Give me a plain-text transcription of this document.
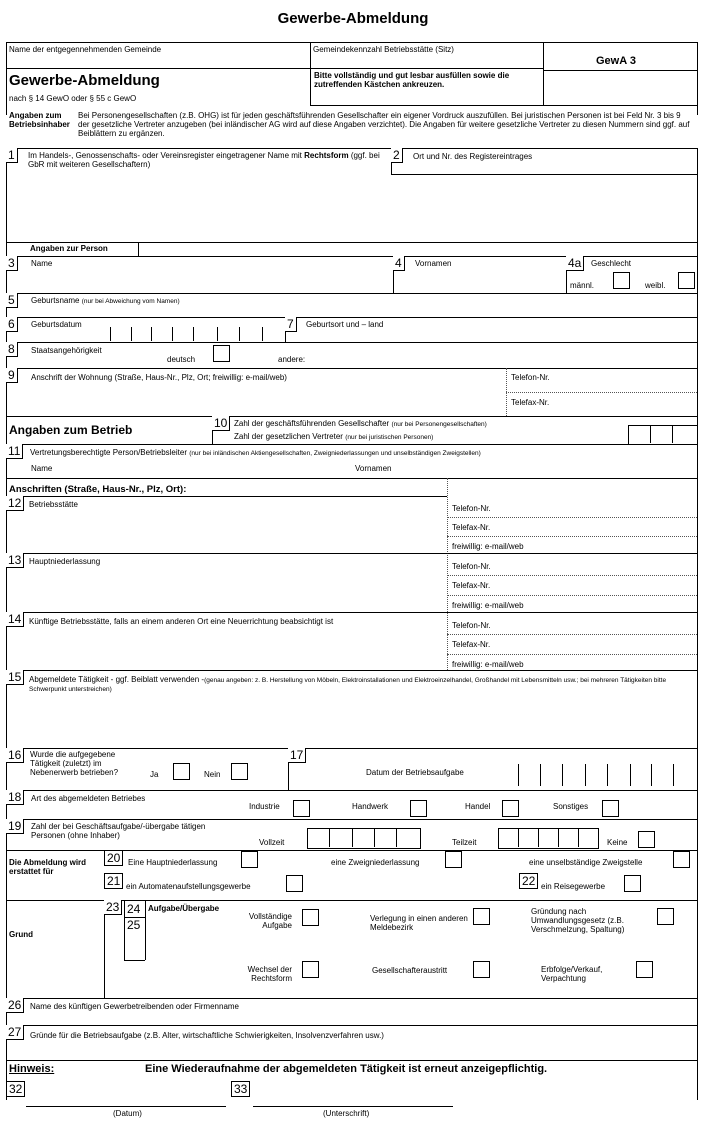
Gewerbe-Abmeldung
Name der entgegennehmenden Gemeinde	Gemeindekennzahl Betriebsstätte (Sitz)
GewA 3
Gewerbe-Abmeldung
nach § 14 GewO oder § 55 c GewO
Bitte vollständig und gut lesbar ausfüllen sowie die zutreffenden Kästchen ankreuzen.
Angaben zum Betriebsinhaber
Bei Personengesellschaften (z.B. OHG) ist für jeden geschäftsführenden Gesellschafter ein eigener Vordruck auszufüllen. Bei juristischen Personen ist bei Feld Nr. 3 bis 9 der gesetzliche Vertreter anzugeben (bei inländischer AG wird auf diese Angaben verzichtet). Die Angaben für weitere gesetzliche Vertreter zu diesen Nummern sind ggf. auf Beiblättern zu ergänzen.
1	Im Handels-, Genossenschafts- oder Vereinsregister eingetragener Name mit Rechtsform (ggf. bei GbR mit weiteren Gesellschaftern)
2	Ort und Nr. des Registereintrages
Angaben zur Person
3	Name	4	Vornamen	4a	Geschlecht
männl.	weibl.
5	Geburtsname (nur bei Abweichung vom Namen)
6	Geburtsdatum	7	Geburtsort und – land
8	Staatsangehörigkeit
deutsch	andere:
9	Anschrift der Wohnung (Straße, Haus-Nr., Plz, Ort; freiwillig: e-mail/web)	Telefon-Nr.
Telefax-Nr.
Angaben zum Betrieb	10 Zahl der geschäftsführenden Gesellschafter (nur bei Personengesellschaften)
Zahl der gesetzlichen Vertreter (nur bei juristischen Personen)
11	Vertretungsberechtigte Person/Betriebsleiter (nur bei inländischen Aktiengesellschaften, Zweigniederlassungen und unselbständigen Zweigstellen)
Name	Vornamen
Anschriften (Straße, Haus-Nr., Plz, Ort):
12 Betriebsstätte	Telefon-Nr.
Telefax-Nr.
freiwillig: e-mail/web
13 Hauptniederlassung
Telefon-Nr.
Telefax-Nr.
freiwillig: e-mail/web
14 Künftige Betriebsstätte, falls an einem anderen Ort eine Neuerrichtung beabsichtigt ist	Telefon-Nr.
Telefax-Nr.
freiwillig: e-mail/web
15 Abgemeldete Tätigkeit - ggf. Beiblatt verwenden -(genau angeben: z. B. Herstellung von Möbeln, Elektroinstallationen und Elektroeinzelhandel, Großhandel mit Lebensmitteln usw.; bei mehreren Tätigkeiten bitte Schwerpunkt unterstreichen)
16	Wurde die aufgegebene Tätigkeit (zuletzt) im Nebenerwerb betrieben?	Ja	Nein
17
Datum der Betriebsaufgabe
18	Art des abgemeldeten Betriebes
Industrie	Handwerk	Handel	Sonstiges
19	Zahl der bei Geschäftsaufgabe/-übergabe tätigen Personen (ohne Inhaber)
Vollzeit	Teilzeit	Keine
Die Abmeldung wird erstattet für
20 Eine Hauptniederlassung	eine Zweigniederlassung	eine unselbständige Zweigstelle
21 ein Automatenaufstellungsgewerbe	22 ein Reisegewerbe
Grund
23 24
25
Aufgabe/Übergabe
Vollständige Aufgabe
Verlegung in einen anderen Meldebezirk
Gründung nach Umwandlungsgesetz (z.B. Verschmelzung, Spaltung)
Wechsel der Rechtsform
Gesellschafteraustritt	Erbfolge/Verkauf, Verpachtung
26	Name des künftigen Gewerbetreibenden oder Firmenname
27	Gründe für die Betriebsaufgabe (z.B. Alter, wirtschaftliche Schwierigkeiten, Insolvenzverfahren usw.)
Hinweis:	Eine Wiederaufnahme der abgemeldeten Tätigkeit ist erneut anzeigepflichtig.
32	33
(Datum)	(Unterschrift)
